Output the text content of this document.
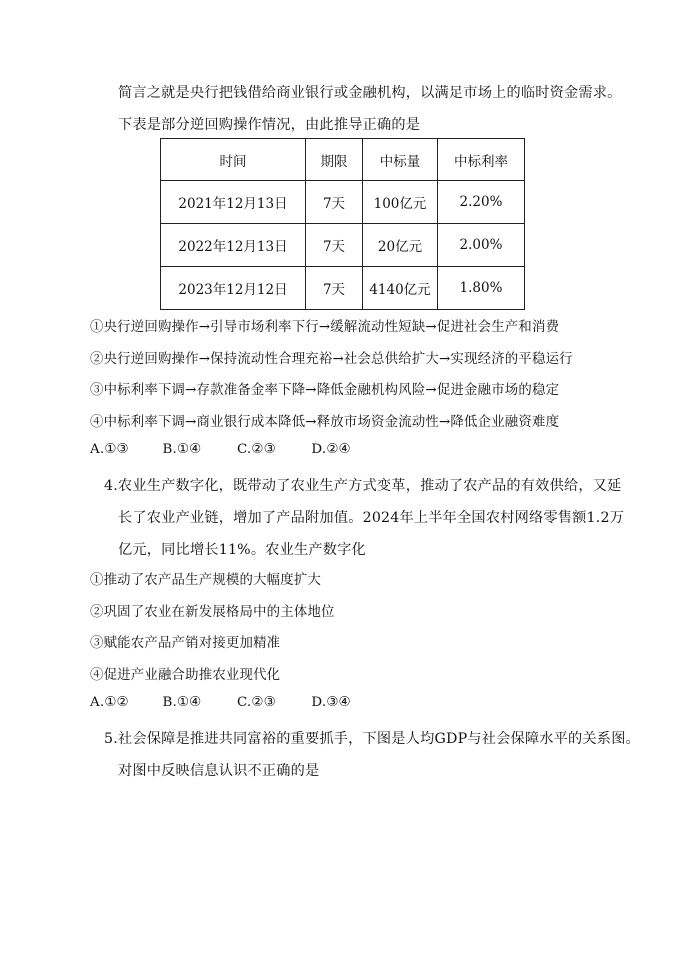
简言之就是央行把钱借给商业银行或金融机构，以满足市场上的临时资金需求。
下表是部分逆回购操作情况，由此推导正确的是
时间	期限	中标量	中标利率
2021年12月13日	7天	100亿元	2.20%
2022年12月13日	7天	20亿元	2.00%
2023年12月12日	7天	4140亿元	1.80%
①央行逆回购操作→引导市场利率下行→缓解流动性短缺→促进社会生产和消费
②央行逆回购操作→保持流动性合理充裕→社会总供给扩大→实现经济的平稳运行
③中标利率下调→存款准备金率下降→降低金融机构风险→促进金融市场的稳定
④中标利率下调→商业银行成本降低→释放市场资金流动性→降低企业融资难度
A.①③	B.①④	C.②③	D.②④
4.农业生产数字化，既带动了农业生产方式变革，推动了农产品的有效供给，又延
长了农业产业链，增加了产品附加值。2024年上半年全国农村网络零售额1.2万
亿元，同比增长11%。农业生产数字化
①推动了农产品生产规模的大幅度扩大
②巩固了农业在新发展格局中的主体地位
③赋能农产品产销对接更加精准
④促进产业融合助推农业现代化
A.①②	B.①④	C.②③	D.③④
5.社会保障是推进共同富裕的重要抓手，下图是人均GDP与社会保障水平的关系图。
对图中反映信息认识不正确的是
